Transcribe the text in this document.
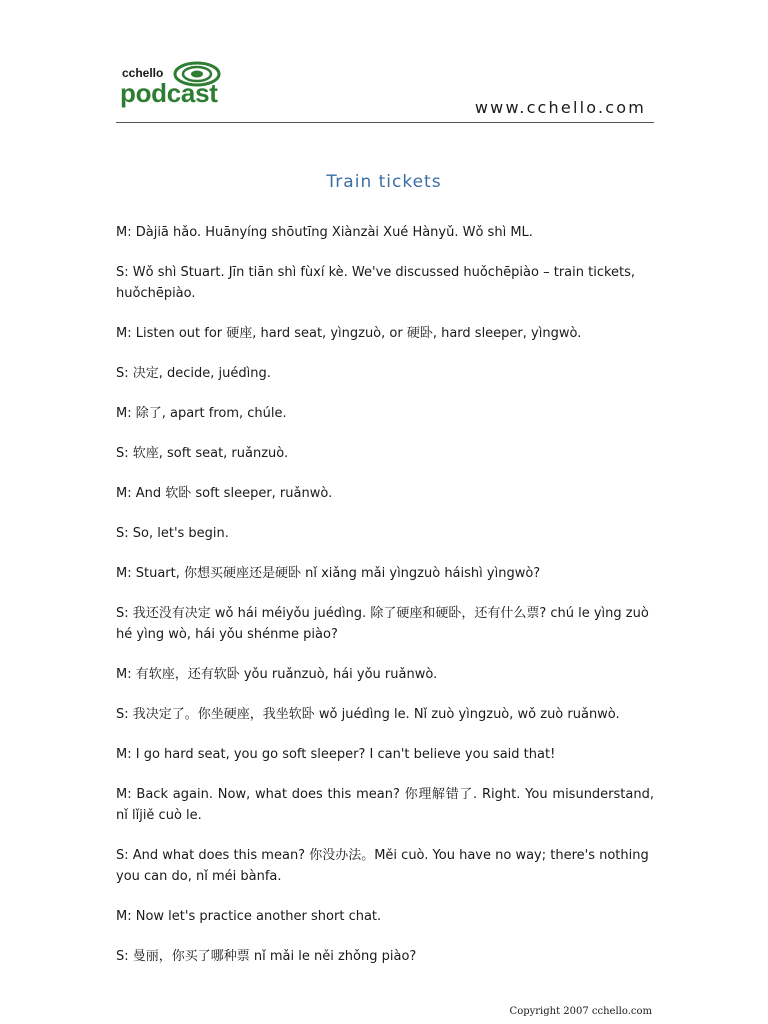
cchello
podcast	www.cchello.com
Train tickets

M: Dàjiā hǎo. Huānyíng shōutīng Xiànzài Xué Hànyǔ. Wǒ shì ML.

S: Wǒ shì Stuart. Jīn tiān shì fùxí kè. We've discussed huǒchēpiào – train tickets, huǒchēpiào.

M: Listen out for 硬座, hard seat, yìngzuò, or 硬卧, hard sleeper, yìngwò.

S: 决定, decide, juédìng.

M: 除了, apart from, chúle.

S: 软座, soft seat, ruǎnzuò.

M: And 软卧 soft sleeper, ruǎnwò.

S: So, let's begin.

M: Stuart, 你想买硬座还是硬卧 nǐ xiǎng mǎi yìngzuò háishì yìngwò?

S: 我还没有决定 wǒ hái méiyǒu juédìng. 除了硬座和硬卧，还有什么票? chú le yìng zuò hé yìng wò, hái yǒu shénme piào?

M: 有软座，还有软卧 yǒu ruǎnzuò, hái yǒu ruǎnwò.

S: 我决定了。你坐硬座，我坐软卧 wǒ juédìng le. Nǐ zuò yìngzuò, wǒ zuò ruǎnwò.

M: I go hard seat, you go soft sleeper? I can't believe you said that!

M: Back again. Now, what does this mean? 你理解错了. Right. You misunderstand, nǐ lǐjiě cuò le.

S: And what does this mean? 你没办法。Měi cuò. You have no way; there's nothing you can do, nǐ méi bànfa.

M: Now let's practice another short chat.

S: 曼丽，你买了哪种票 nǐ mǎi le něi zhǒng piào?

Copyright 2007 cchello.com
